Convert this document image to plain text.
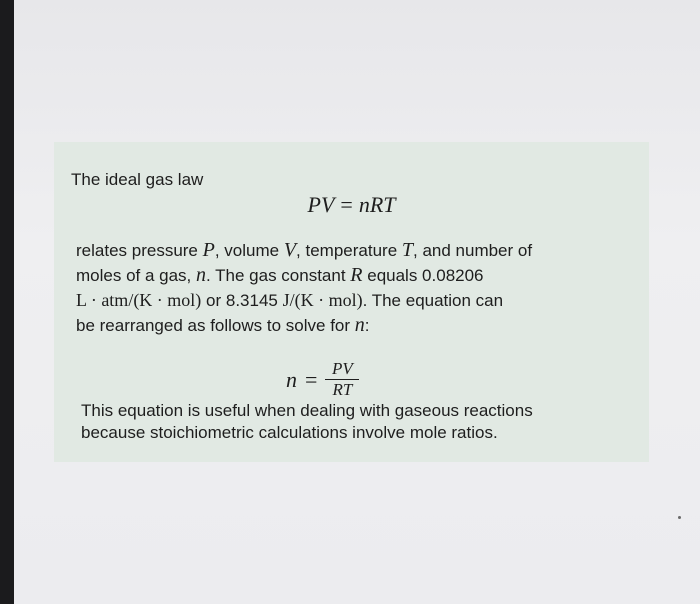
The ideal gas law
PV = nRT
relates pressure P, volume V, temperature T, and number of
moles of a gas, n. The gas constant R equals 0.08206
L · atm/(K · mol) or 8.3145 J/(K · mol). The equation can
be rearranged as follows to solve for n:
$n = \frac{PV}{RT}$
This equation is useful when dealing with gaseous reactions
because stoichiometric calculations involve mole ratios.
